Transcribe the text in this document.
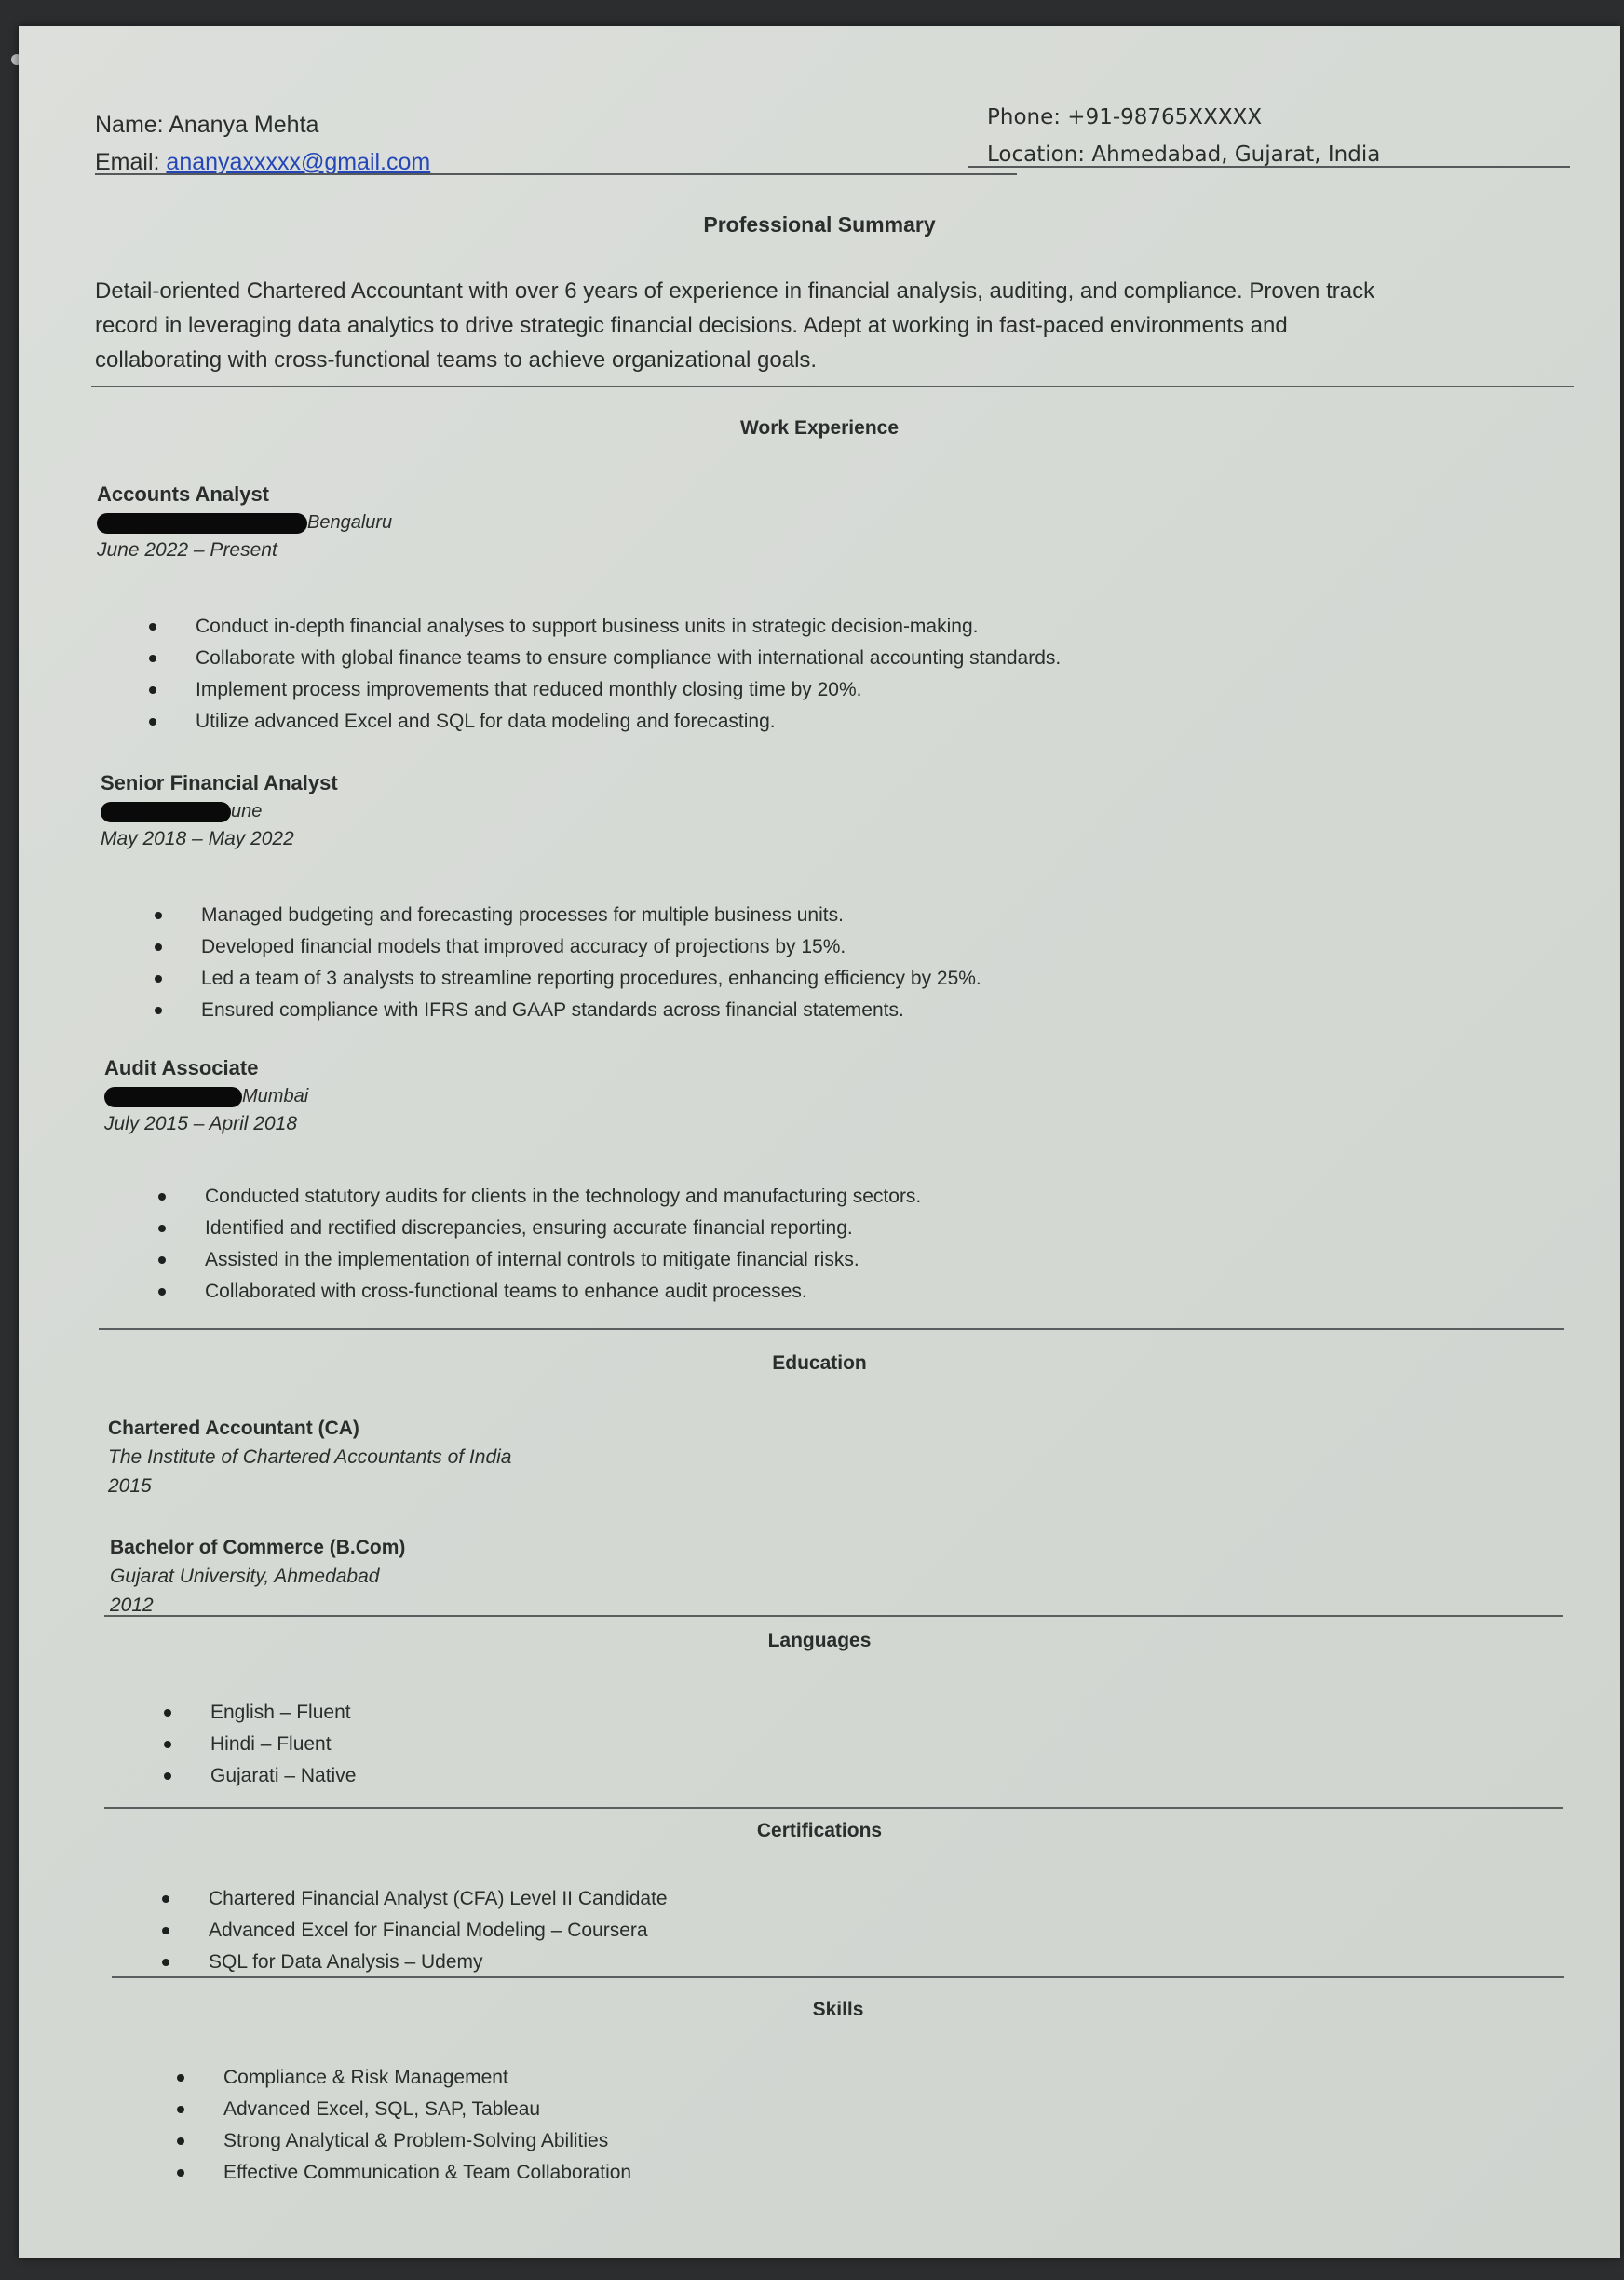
Name: Ananya Mehta
Email: ananyaxxxxx@gmail.com
Phone: +91-98765XXXXX
Location: Ahmedabad, Gujarat, India
Professional Summary
Detail-oriented Chartered Accountant with over 6 years of experience in financial analysis, auditing, and compliance. Proven track
record in leveraging data analytics to drive strategic financial decisions. Adept at working in fast-paced environments and
collaborating with cross-functional teams to achieve organizational goals.
Work Experience
Accounts Analyst
Bengaluru
June 2022 – Present
Conduct in-depth financial analyses to support business units in strategic decision-making.
Collaborate with global finance teams to ensure compliance with international accounting standards.
Implement process improvements that reduced monthly closing time by 20%.
Utilize advanced Excel and SQL for data modeling and forecasting.
Senior Financial Analyst
une
May 2018 – May 2022
Managed budgeting and forecasting processes for multiple business units.
Developed financial models that improved accuracy of projections by 15%.
Led a team of 3 analysts to streamline reporting procedures, enhancing efficiency by 25%.
Ensured compliance with IFRS and GAAP standards across financial statements.
Audit Associate
Mumbai
July 2015 – April 2018
Conducted statutory audits for clients in the technology and manufacturing sectors.
Identified and rectified discrepancies, ensuring accurate financial reporting.
Assisted in the implementation of internal controls to mitigate financial risks.
Collaborated with cross-functional teams to enhance audit processes.
Education
Chartered Accountant (CA)
The Institute of Chartered Accountants of India
2015
Bachelor of Commerce (B.Com)
Gujarat University, Ahmedabad
2012
Languages
English – Fluent
Hindi – Fluent
Gujarati – Native
Certifications
Chartered Financial Analyst (CFA) Level II Candidate
Advanced Excel for Financial Modeling – Coursera
SQL for Data Analysis – Udemy
Skills
Compliance & Risk Management
Advanced Excel, SQL, SAP, Tableau
Strong Analytical & Problem-Solving Abilities
Effective Communication & Team Collaboration
